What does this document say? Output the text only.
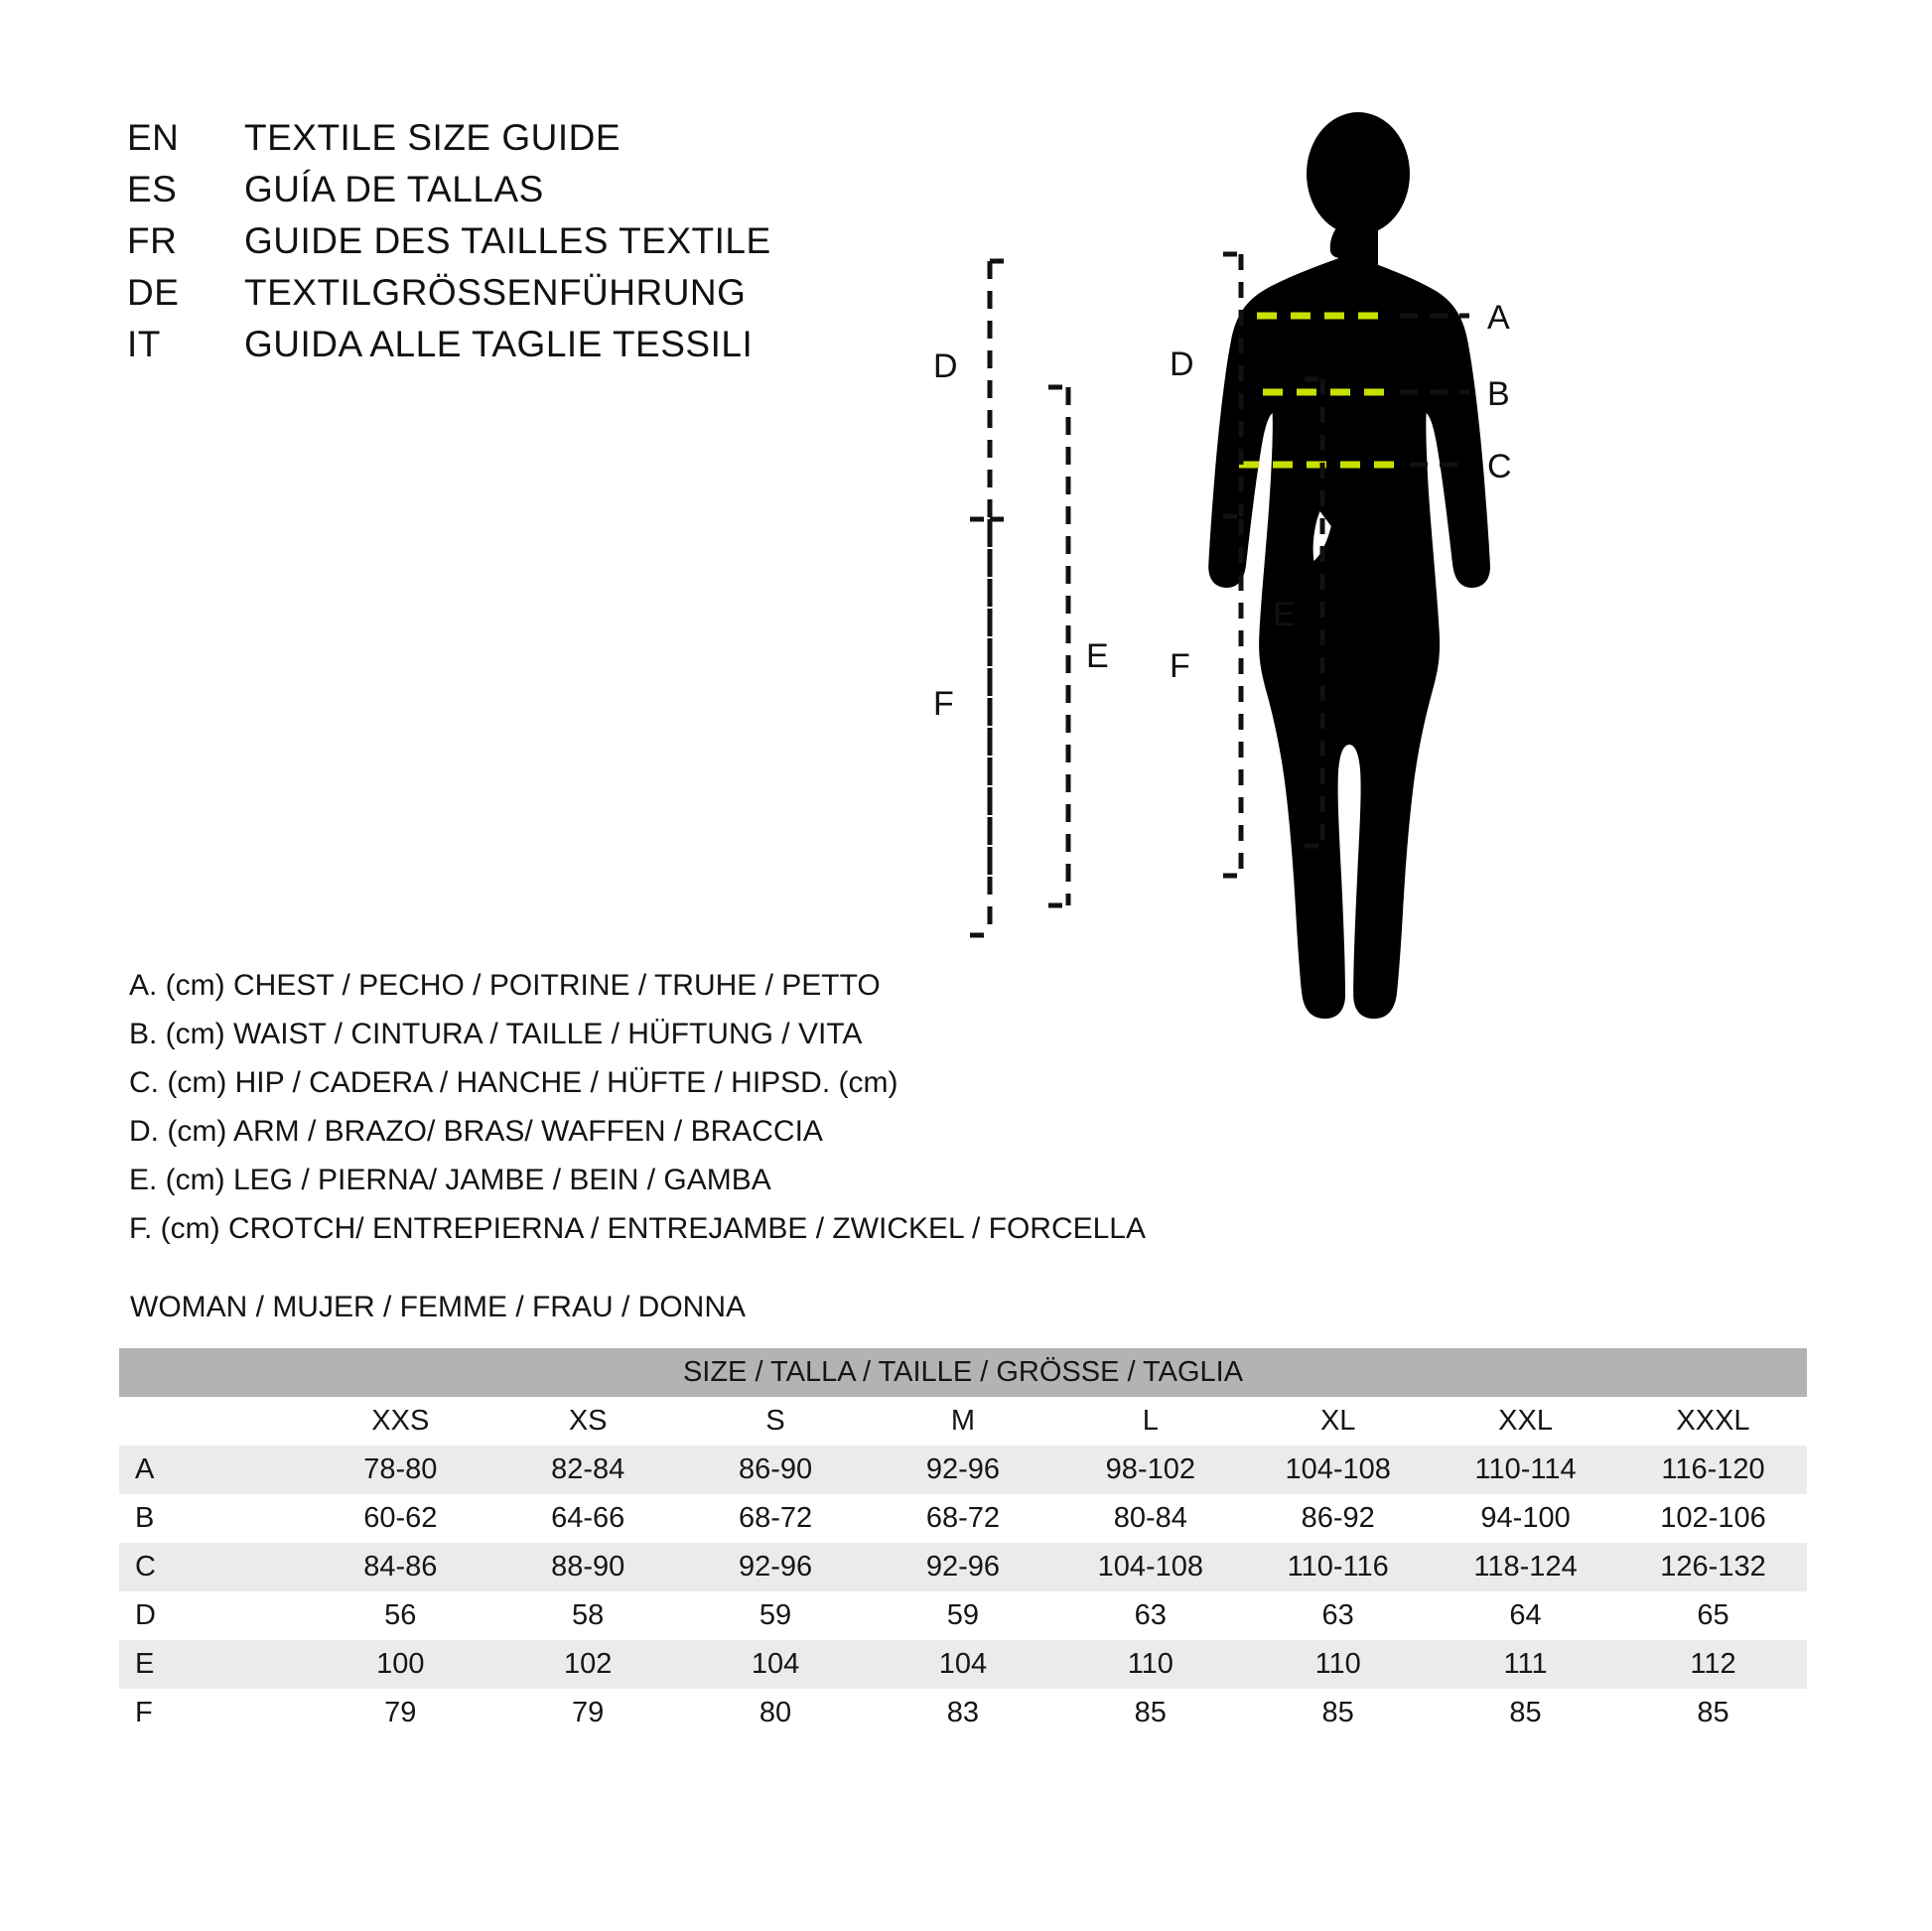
EN	TEXTILE SIZE GUIDE
ES	GUÍA DE TALLAS
FR	GUIDE DES TAILLES TEXTILE
DE	TEXTILGRÖSSENFÜHRUNG
IT	GUIDA ALLE TAGLIE TESSILI
A. (cm) CHEST / PECHO / POITRINE / TRUHE / PETTO
B. (cm) WAIST / CINTURA / TAILLE / HÜFTUNG / VITA
C. (cm) HIP / CADERA / HANCHE / HÜFTE / HIPSD. (cm)
D. (cm) ARM / BRAZO/ BRAS/ WAFFEN / BRACCIA
E. (cm) LEG / PIERNA/ JAMBE / BEIN / GAMBA
F. (cm) CROTCH/ ENTREPIERNA / ENTREJAMBE / ZWICKEL / FORCELLA
WOMAN / MUJER / FEMME / FRAU / DONNA
SIZE / TALLA / TAILLE / GRÖSSE / TAGLIA								
	XXS	XS	S	M	L	XL	XXL	XXXL
A	78-80	82-84	86-90	92-96	98-102	104-108	110-114	116-120
B	60-62	64-66	68-72	68-72	80-84	86-92	94-100	102-106
C	84-86	88-90	92-96	92-96	104-108	110-116	118-124	126-132
D	56	58	59	59	63	63	64	65
E	100	102	104	104	110	110	111	112
F	79	79	80	83	85	85	85	85
A
B
C
D
E
F
D
F
E
